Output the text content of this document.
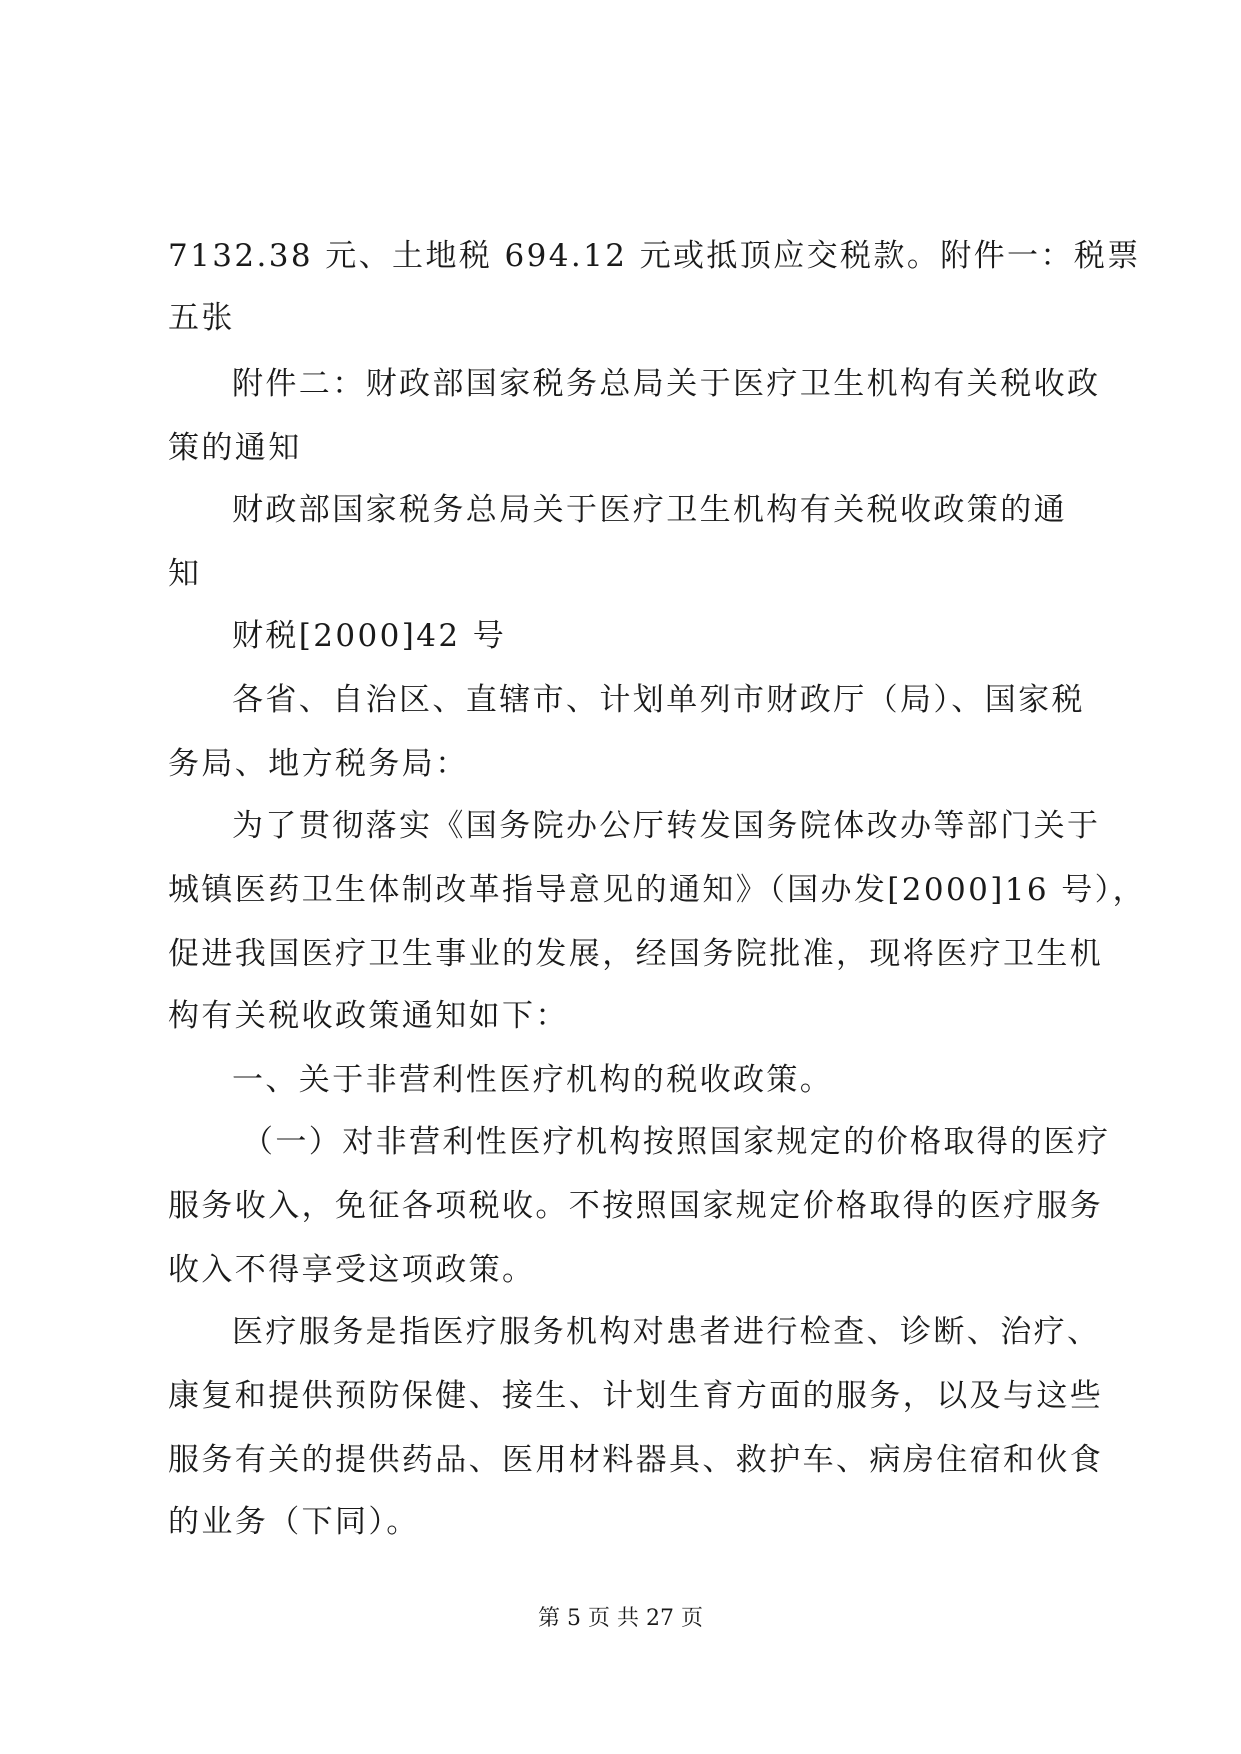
7132.38 元、土地税 694.12 元或抵顶应交税款。附件一：税票
五张
附件二：财政部国家税务总局关于医疗卫生机构有关税收政
策的通知
财政部国家税务总局关于医疗卫生机构有关税收政策的通
知
财税[2000]42 号
各省、自治区、直辖市、计划单列市财政厅（局）、国家税
务局、地方税务局：
为了贯彻落实《国务院办公厅转发国务院体改办等部门关于
城镇医药卫生体制改革指导意见的通知》（国办发[2000]16 号），
促进我国医疗卫生事业的发展，经国务院批准，现将医疗卫生机
构有关税收政策通知如下：
一、关于非营利性医疗机构的税收政策。
（一）对非营利性医疗机构按照国家规定的价格取得的医疗
服务收入，免征各项税收。不按照国家规定价格取得的医疗服务
收入不得享受这项政策。
医疗服务是指医疗服务机构对患者进行检查、诊断、治疗、
康复和提供预防保健、接生、计划生育方面的服务，以及与这些
服务有关的提供药品、医用材料器具、救护车、病房住宿和伙食
的业务（下同）。
第 5 页 共 27 页
